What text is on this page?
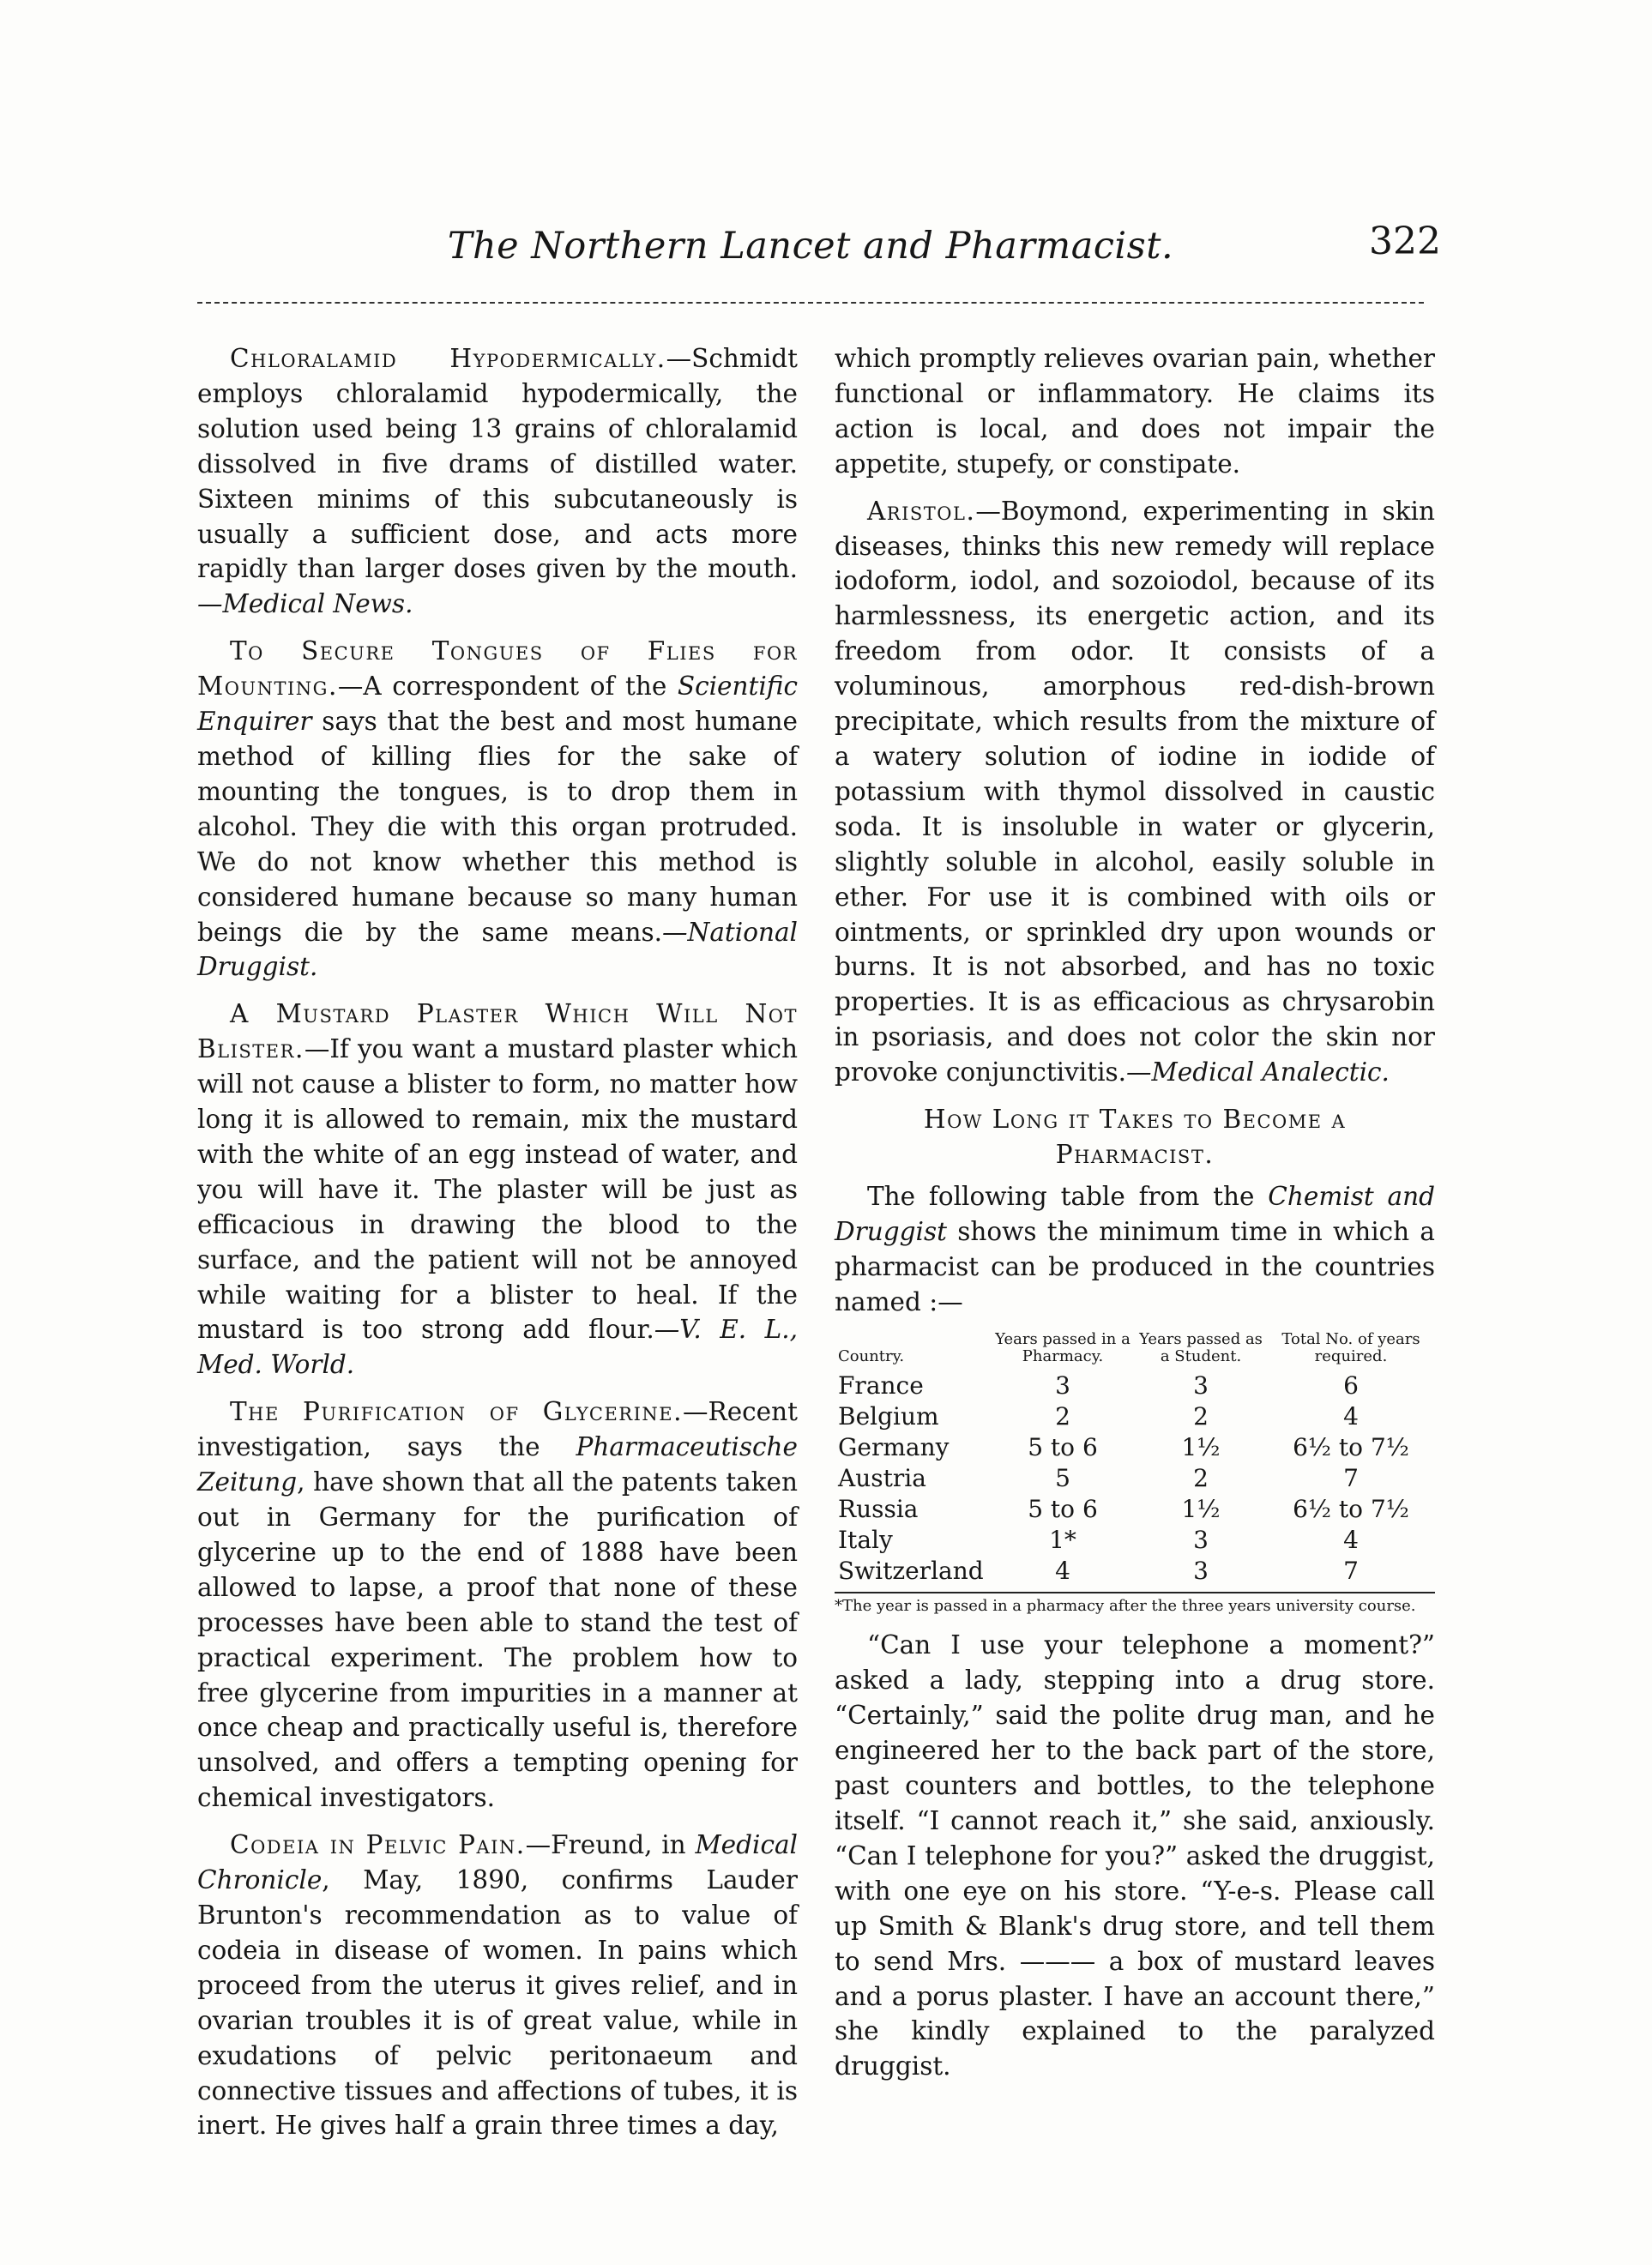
The Northern Lancet and Pharmacist.	322

Chloralamid Hypodermically.—Schmidt employs chloralamid hypodermically, the solution used being 13 grains of chloralamid dissolved in five drams of distilled water. Sixteen minims of this subcutaneously is usually a sufficient dose, and acts more rapidly than larger doses given by the mouth.—Medical News.

To Secure Tongues of Flies for Mounting.—A correspondent of the Scientific Enquirer says that the best and most humane method of killing flies for the sake of mounting the tongues, is to drop them in alcohol. They die with this organ protruded. We do not know whether this method is considered humane because so many human beings die by the same means.—National Druggist.

A Mustard Plaster Which Will Not Blister.—If you want a mustard plaster which will not cause a blister to form, no matter how long it is allowed to remain, mix the mustard with the white of an egg instead of water, and you will have it. The plaster will be just as efficacious in drawing the blood to the surface, and the patient will not be annoyed while waiting for a blister to heal. If the mustard is too strong add flour.—V. E. L., Med. World.

The Purification of Glycerine.—Recent investigation, says the Pharmaceutische Zeitung, have shown that all the patents taken out in Germany for the purification of glycerine up to the end of 1888 have been allowed to lapse, a proof that none of these processes have been able to stand the test of practical experiment. The problem how to free glycerine from impurities in a manner at once cheap and practically useful is, therefore unsolved, and offers a tempting opening for chemical investigators.

Codeia in Pelvic Pain.—Freund, in Medical Chronicle, May, 1890, confirms Lauder Brunton's recommendation as to value of codeia in disease of women. In pains which proceed from the uterus it gives relief, and in ovarian troubles it is of great value, while in exudations of pelvic peritonaeum and connective tissues and affections of tubes, it is inert. He gives half a grain three times a day,

which promptly relieves ovarian pain, whether functional or inflammatory. He claims its action is local, and does not impair the appetite, stupefy, or constipate.

Aristol.—Boymond, experimenting in skin diseases, thinks this new remedy will replace iodoform, iodol, and sozoiodol, because of its harmlessness, its energetic action, and its freedom from odor. It consists of a voluminous, amorphous red-dish-brown precipitate, which results from the mixture of a watery solution of iodine in iodide of potassium with thymol dissolved in caustic soda. It is insoluble in water or glycerin, slightly soluble in alcohol, easily soluble in ether. For use it is combined with oils or ointments, or sprinkled dry upon wounds or burns. It is not absorbed, and has no toxic properties. It is as efficacious as chrysarobin in psoriasis, and does not color the skin nor provoke conjunctivitis.—Medical Analectic.

How Long it Takes to Become a
Pharmacist.

The following table from the Chemist and Druggist shows the minimum time in which a pharmacist can be produced in the countries named :—

Country.	Years passed in a Pharmacy.	Years passed as a Student.	Total No. of years required.
France	3	3	6
Belgium	2	2	4
Germany	5 to 6	1½	6½ to 7½
Austria	5	2	7
Russia	5 to 6	1½	6½ to 7½
Italy	1*	3	4
Switzerland	4	3	7
*The year is passed in a pharmacy after the three years university course.

“Can I use your telephone a moment?” asked a lady, stepping into a drug store. “Certainly,” said the polite drug man, and he engineered her to the back part of the store, past counters and bottles, to the telephone itself. “I cannot reach it,” she said, anxiously. “Can I telephone for you?” asked the druggist, with one eye on his store. “Y-e-s. Please call up Smith & Blank's drug store, and tell them to send Mrs. ——— a box of mustard leaves and a porus plaster. I have an account there,” she kindly explained to the paralyzed druggist.
